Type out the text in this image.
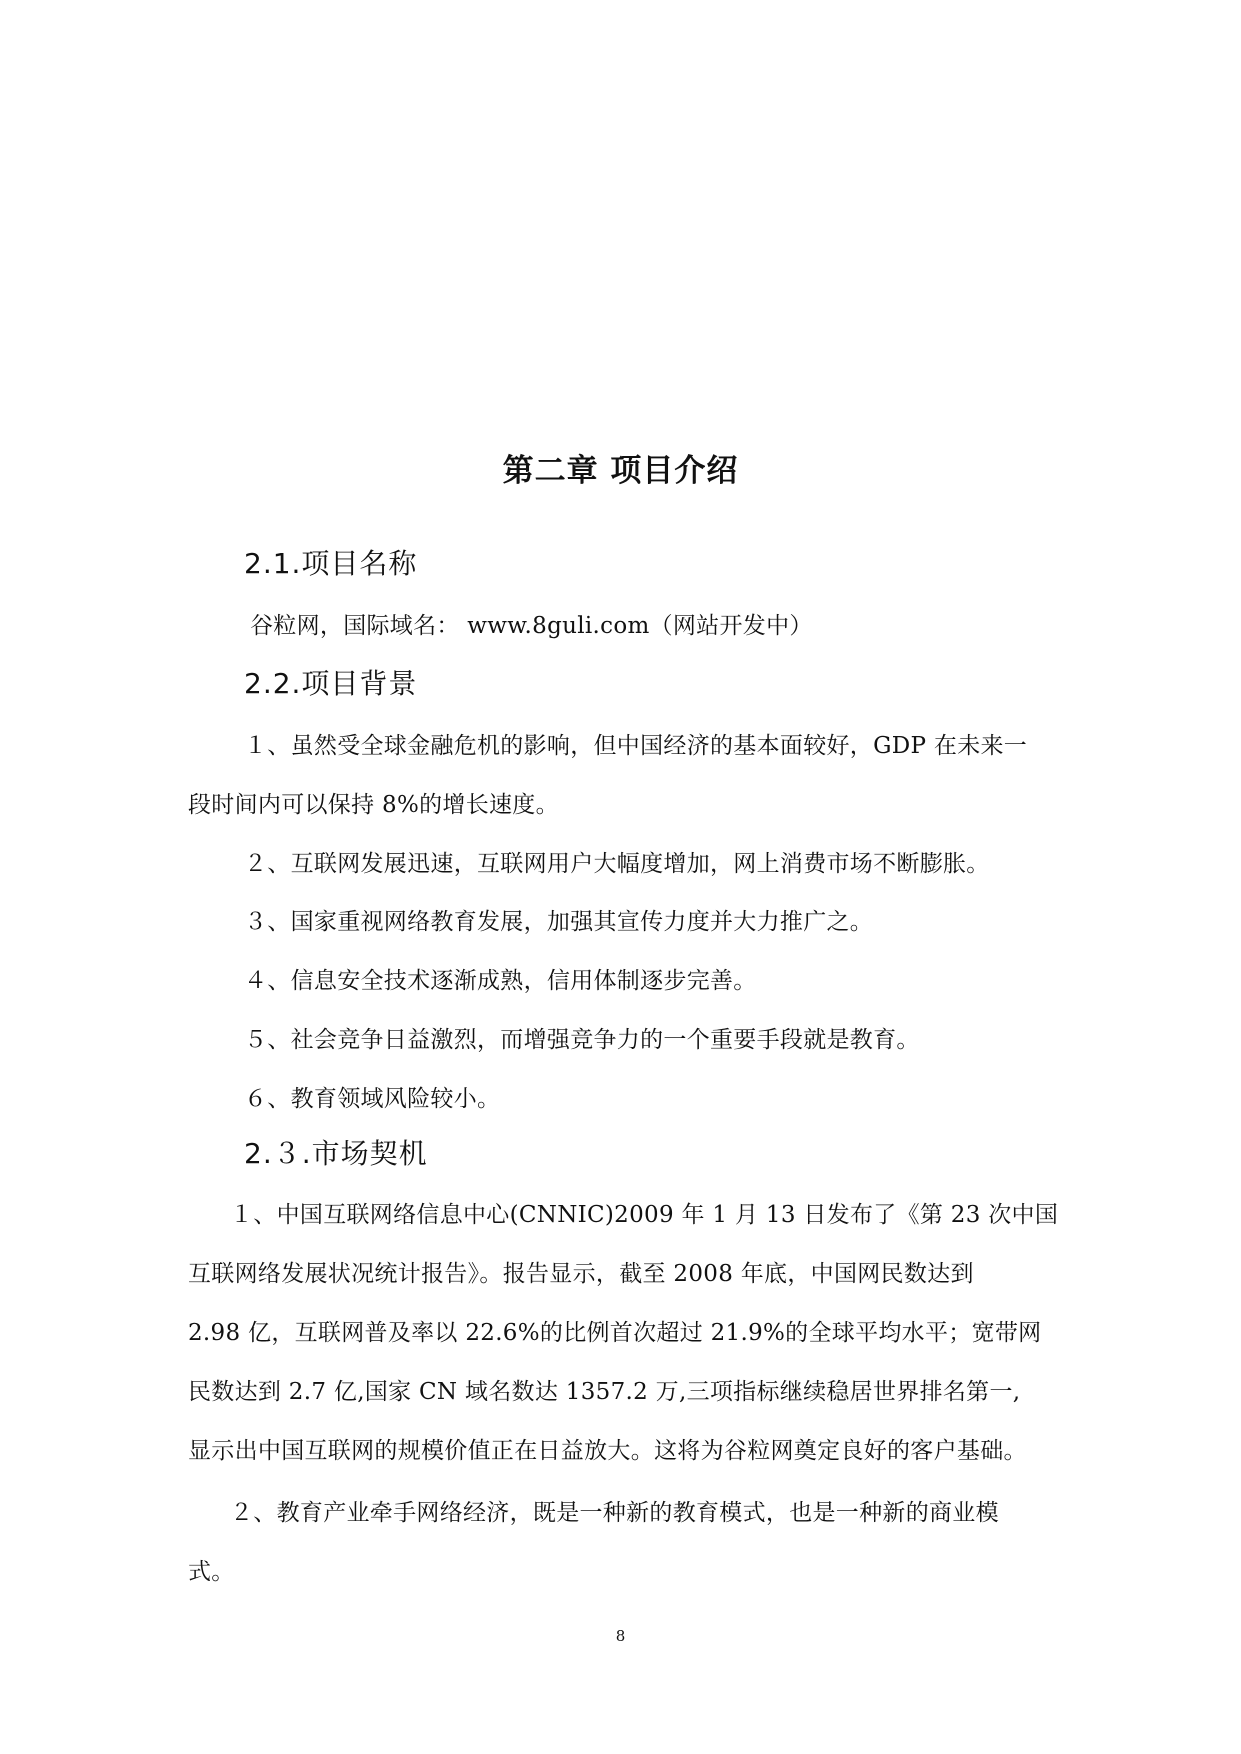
第二章 项目介绍
2.1.项目名称
谷粒网，国际域名： www.8guli.com（网站开发中）
2.2.项目背景
１、虽然受全球金融危机的影响，但中国经济的基本面较好，GDP 在未来一
段时间内可以保持 8%的增长速度。
２、互联网发展迅速，互联网用户大幅度增加，网上消费市场不断膨胀。
３、国家重视网络教育发展，加强其宣传力度并大力推广之。
４、信息安全技术逐渐成熟，信用体制逐步完善。
５、社会竞争日益激烈，而增强竞争力的一个重要手段就是教育。
６、教育领域风险较小。
2.３.市场契机
１、中国互联网络信息中心(CNNIC)2009 年 1 月 13 日发布了《第 23 次中国
互联网络发展状况统计报告》。报告显示，截至 2008 年底，中国网民数达到
2.98 亿，互联网普及率以 22.6%的比例首次超过 21.9%的全球平均水平；宽带网
民数达到 2.7 亿,国家 CN 域名数达 1357.2 万,三项指标继续稳居世界排名第一,
显示出中国互联网的规模价值正在日益放大。这将为谷粒网奠定良好的客户基础。
２、教育产业牵手网络经济，既是一种新的教育模式，也是一种新的商业模
式。
8
